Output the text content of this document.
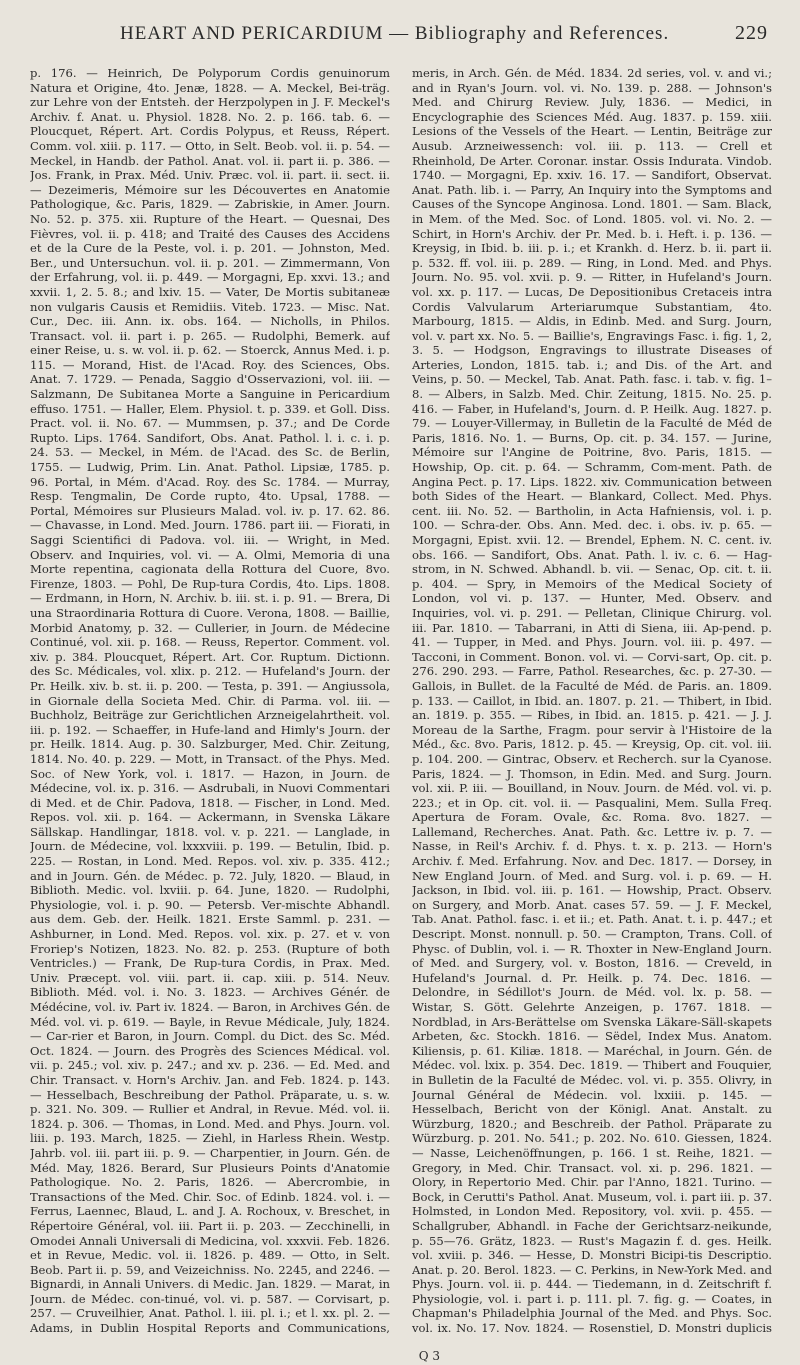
HEART AND PERICARDIUM — Bibliography and References.	229

p. 176. — Heinrich, De Polyporum Cordis genuinorum Natura et Origine, 4to. Jenæ, 1828. — A. Meckel, Bei-träg. zur Lehre von der Entsteh. der Herzpolypen in J. F. Meckel's Archiv. f. Anat. u. Physiol. 1828. No. 2. p. 166. tab. 6. — Ploucquet, Répert. Art. Cordis Polypus, et Reuss, Répert. Comm. vol. xiii. p. 117. — Otto, in Selt. Beob. vol. ii. p. 54. — Meckel, in Handb. der Pathol. Anat. vol. ii. part ii. p. 386. — Jos. Frank, in Prax. Méd. Univ. Præc. vol. ii. part. ii. sect. ii. — Dezeimeris, Mémoire sur les Découvertes en Anatomie Pathologique, &c. Paris, 1829. — Zabriskie, in Amer. Journ. No. 52. p. 375. xii. Rupture of the Heart. — Quesnai, Des Fièvres, vol. ii. p. 418; and Traité des Causes des Accidens et de la Cure de la Peste, vol. i. p. 201. — Johnston, Med. Ber., und Untersuchun. vol. ii. p. 201. — Zimmermann, Von der Erfahrung, vol. ii. p. 449. — Morgagni, Ep. xxvi. 13.; and xxvii. 1, 2. 5. 8.; and lxiv. 15. — Vater, De Mortis subitaneæ non vulgaris Causis et Remidiis. Viteb. 1723. — Misc. Nat. Cur., Dec. iii. Ann. ix. obs. 164. — Nicholls, in Philos. Transact. vol. ii. part i. p. 265. — Rudolphi, Bemerk. auf einer Reise, u. s. w. vol. ii. p. 62. — Stoerck, Annus Med. i. p. 115. — Morand, Hist. de l'Acad. Roy. des Sciences, Obs. Anat. 7. 1729. — Penada, Saggio d'Osservazioni, vol. iii. — Salzmann, De Subitanea Morte a Sanguine in Pericardium effuso. 1751. — Haller, Elem. Physiol. t. p. 339. et Goll. Diss. Pract. vol. ii. No. 67. — Mummsen, p. 37.; and De Corde Rupto. Lips. 1764. Sandifort, Obs. Anat. Pathol. l. i. c. i. p. 24. 53. — Meckel, in Mém. de l'Acad. des Sc. de Berlin, 1755. — Ludwig, Prim. Lin. Anat. Pathol. Lipsiæ, 1785. p. 96. Portal, in Mém. d'Acad. Roy. des Sc. 1784. — Murray, Resp. Tengmalin, De Corde rupto, 4to. Upsal, 1788. — Portal, Mémoires sur Plusieurs Malad. vol. iv. p. 17. 62. 86. — Chavasse, in Lond. Med. Journ. 1786. part iii. — Fiorati, in Saggi Scientifici di Padova. vol. iii. — Wright, in Med. Observ. and Inquiries, vol. vi. — A. Olmi, Memoria di una Morte repentina, cagionata della Rottura del Cuore, 8vo. Firenze, 1803. — Pohl, De Rup-tura Cordis, 4to. Lips. 1808. — Erdmann, in Horn, N. Archiv. b. iii. st. i. p. 91. — Brera, Di una Straordinaria Rottura di Cuore. Verona, 1808. — Baillie, Morbid Anatomy, p. 32. — Cullerier, in Journ. de Médecine Continué, vol. xii. p. 168. — Reuss, Repertor. Comment. vol. xiv. p. 384. Ploucquet, Répert. Art. Cor. Ruptum. Dictionn. des Sc. Médicales, vol. xlix. p. 212. — Hufeland's Journ. der Pr. Heilk. xiv. b. st. ii. p. 200. — Testa, p. 391. — Angiussola, in Giornale della Societa Med. Chir. di Parma. vol. iii. — Buchholz, Beiträge zur Gerichtlichen Arzneigelahrtheit. vol. iii. p. 192. — Schaeffer, in Hufe-land and Himly's Journ. der pr. Heilk. 1814. Aug. p. 30. Salzburger, Med. Chir. Zeitung, 1814. No. 40. p. 229. — Mott, in Transact. of the Phys. Med. Soc. of New York, vol. i. 1817. — Hazon, in Journ. de Médecine, vol. ix. p. 316. — Asdrubali, in Nuovi Commentari di Med. et de Chir. Padova, 1818. — Fischer, in Lond. Med. Repos. vol. xii. p. 164. — Ackermann, in Svenska Läkare Sällskap. Handlingar, 1818. vol. v. p. 221. — Langlade, in Journ. de Médecine, vol. lxxxviii. p. 199. — Betulin, Ibid. p. 225. — Rostan, in Lond. Med. Repos. vol. xiv. p. 335. 412.; and in Journ. Gén. de Médec. p. 72. July, 1820. — Blaud, in Biblioth. Medic. vol. lxviii. p. 64. June, 1820. — Rudolphi, Physiologie, vol. i. p. 90. — Petersb. Ver-mischte Abhandl. aus dem. Geb. der. Heilk. 1821. Erste Samml. p. 231. — Ashburner, in Lond. Med. Repos. vol. xix. p. 27. et v. von Froriep's Notizen, 1823. No. 82. p. 253. (Rupture of both Ventricles.) — Frank, De Rup-tura Cordis, in Prax. Med. Univ. Præcept. vol. viii. part. ii. cap. xiii. p. 514. Neuv. Biblioth. Méd. vol. i. No. 3. 1823. — Archives Génér. de Médécine, vol. iv. Part iv. 1824. — Baron, in Archives Gén. de Méd. vol. vi. p. 619. — Bayle, in Revue Médicale, July, 1824. — Car-rier et Baron, in Journ. Compl. du Dict. des Sc. Méd. Oct. 1824. — Journ. des Progrès des Sciences Médical. vol. vii. p. 245.; vol. xiv. p. 247.; and xv. p. 236. — Ed. Med. and Chir. Transact. v. Horn's Archiv. Jan. and Feb. 1824. p. 143. — Hesselbach, Beschreibung der Pathol. Präparate, u. s. w. p. 321. No. 309. — Rullier et Andral, in Revue. Méd. vol. ii. 1824. p. 306. — Thomas, in Lond. Med. and Phys. Journ. vol. liii. p. 193. March, 1825. — Ziehl, in Harless Rhein. Westp. Jahrb. vol. iii. part iii. p. 9. — Charpentier, in Journ. Gén. de Méd. May, 1826. Berard, Sur Plusieurs Points d'Anatomie Pathologique. No. 2. Paris, 1826. — Abercrombie, in Transactions of the Med. Chir. Soc. of Edinb. 1824. vol. i. — Ferrus, Laennec, Blaud, L. and J. A. Rochoux, v. Breschet, in Répertoire Général, vol. iii. Part ii. p. 203. — Zecchinelli, in Omodei Annali Universali di Medicina, vol. xxxvii. Feb. 1826. et in Revue, Medic. vol. ii. 1826. p. 489. — Otto, in Selt. Beob. Part ii. p. 59, and Veizeichniss. No. 2245, and 2246. — Bignardi, in Annali Univers. di Medic. Jan. 1829. — Marat, in Journ. de Médec. con-tinué, vol. vi. p. 587. — Corvisart, p. 257. — Cruveilhier, Anat. Pathol. l. iii. pl. i.; et l. xx. pl. 2. — Adams, in Dublin Hospital Reports and Communications,

meris, in Arch. Gén. de Méd. 1834. 2d series, vol. v. and vi.; and in Ryan's Journ. vol. vi. No. 139. p. 288. — Johnson's Med. and Chirurg Review. July, 1836. — Medici, in Encyclographie des Sciences Méd. Aug. 1837. p. 159. xiii. Lesions of the Vessels of the Heart. — Lentin, Beiträge zur Ausub. Arzneiwessench: vol. iii. p. 113. — Crell et Rheinhold, De Arter. Coronar. instar. Ossis Indurata. Vindob. 1740. — Morgagni, Ep. xxiv. 16. 17. — Sandifort, Observat. Anat. Path. lib. i. — Parry, An Inquiry into the Symptoms and Causes of the Syncope Anginosa. Lond. 1801. — Sam. Black, in Mem. of the Med. Soc. of Lond. 1805. vol. vi. No. 2. — Schirt, in Horn's Archiv. der Pr. Med. b. i. Heft. i. p. 136. — Kreysig, in Ibid. b. iii. p. i.; et Krankh. d. Herz. b. ii. part ii. p. 532. ff. vol. iii. p. 289. — Ring, in Lond. Med. and Phys. Journ. No. 95. vol. xvii. p. 9. — Ritter, in Hufeland's Journ. vol. xx. p. 117. — Lucas, De Depositionibus Cretaceis intra Cordis Valvularum Arteriarumque Substantiam, 4to. Marbourg, 1815. — Aldis, in Edinb. Med. and Surg. Journ, vol. v. part xx. No. 5. — Baillie's, Engravings Fasc. i. fig. 1, 2, 3. 5. — Hodgson, Engravings to illustrate Diseases of Arteries, London, 1815. tab. i.; and Dis. of the Art. and Veins, p. 50. — Meckel, Tab. Anat. Path. fasc. i. tab. v. fig. 1–8. — Albers, in Salzb. Med. Chir. Zeitung, 1815. No. 25. p. 416. — Faber, in Hufeland's, Journ. d. P. Heilk. Aug. 1827. p. 79. — Louyer-Villermay, in Bulletin de la Faculté de Méd de Paris, 1816. No. 1. — Burns, Op. cit. p. 34. 157. — Jurine, Mémoire sur l'Angine de Poitrine, 8vo. Paris, 1815. — Howship, Op. cit. p. 64. — Schramm, Com-ment. Path. de Angina Pect. p. 17. Lips. 1822. xiv. Communication between both Sides of the Heart. — Blankard, Collect. Med. Phys. cent. iii. No. 52. — Bartholin, in Acta Hafniensis, vol. i. p. 100. — Schra-der. Obs. Ann. Med. dec. i. obs. iv. p. 65. — Morgagni, Epist. xvii. 12. — Brendel, Ephem. N. C. cent. iv. obs. 166. — Sandifort, Obs. Anat. Path. l. iv. c. 6. — Hag-strom, in N. Schwed. Abhandl. b. vii. — Senac, Op. cit. t. ii. p. 404. — Spry, in Memoirs of the Medical Society of London, vol vi. p. 137. — Hunter, Med. Observ. and Inquiries, vol. vi. p. 291. — Pelletan, Clinique Chirurg. vol. iii. Par. 1810. — Tabarrani, in Atti di Siena, iii. Ap-pend. p. 41. — Tupper, in Med. and Phys. Journ. vol. iii. p. 497. — Tacconi, in Comment. Bonon. vol. vi. — Corvi-sart, Op. cit. p. 276. 290. 293. — Farre, Pathol. Researches, &c. p. 27-30. — Gallois, in Bullet. de la Faculté de Méd. de Paris. an. 1809. p. 133. — Caillot, in Ibid. an. 1807. p. 21. — Thibert, in Ibid. an. 1819. p. 355. — Ribes, in Ibid. an. 1815. p. 421. — J. J. Moreau de la Sarthe, Fragm. pour servir à l'Histoire de la Méd., &c. 8vo. Paris, 1812. p. 45. — Kreysig, Op. cit. vol. iii. p. 104. 200. — Gintrac, Observ. et Recherch. sur la Cyanose. Paris, 1824. — J. Thomson, in Edin. Med. and Surg. Journ. vol. xii. P. iii. — Bouilland, in Nouv. Journ. de Méd. vol. vi. p. 223.; et in Op. cit. vol. ii. — Pasqualini, Mem. Sulla Freq. Apertura de Foram. Ovale, &c. Roma. 8vo. 1827. — Lallemand, Recherches. Anat. Path. &c. Lettre iv. p. 7. — Nasse, in Reil's Archiv. f. d. Phys. t. x. p. 213. — Horn's Archiv. f. Med. Erfahrung. Nov. and Dec. 1817. — Dorsey, in New England Journ. of Med. and Surg. vol. i. p. 69. — H. Jackson, in Ibid. vol. iii. p. 161. — Howship, Pract. Observ. on Surgery, and Morb. Anat. cases 57. 59. — J. F. Meckel, Tab. Anat. Pathol. fasc. i. et ii.; et. Path. Anat. t. i. p. 447.; et Descript. Monst. nonnull. p. 50. — Crampton, Trans. Coll. of Physc. of Dublin, vol. i. — R. Thoxter in New-England Journ. of Med. and Surgery, vol. v. Boston, 1816. — Creveld, in Hufeland's Journal. d. Pr. Heilk. p. 74. Dec. 1816. — Delondre, in Sédillot's Journ. de Méd. vol. lx. p. 58. — Wistar, S. Gött. Gelehrte Anzeigen, p. 1767. 1818. — Nordblad, in Ars-Berättelse om Svenska Läkare-Säll-skapets Arbeten, &c. Stockh. 1816. — Sëdel, Index Mus. Anatom. Kiliensis, p. 61. Kiliæ. 1818. — Maréchal, in Journ. Gén. de Médec. vol. lxix. p. 354. Dec. 1819. — Thibert and Fouquier, in Bulletin de la Faculté de Médec. vol. vi. p. 355. Olivry, in Journal Général de Médecin. vol. lxxiii. p. 145. — Hesselbach, Bericht von der Königl. Anat. Anstalt. zu Würzburg, 1820.; and Beschreib. der Pathol. Präparate zu Würzburg. p. 201. No. 541.; p. 202. No. 610. Giessen, 1824. — Nasse, Leichenöffnungen, p. 166. 1 st. Reihe, 1821. — Gregory, in Med. Chir. Transact. vol. xi. p. 296. 1821. — Olory, in Repertorio Med. Chir. par l'Anno, 1821. Turino. — Bock, in Cerutti's Pathol. Anat. Museum, vol. i. part iii. p. 37. Holmsted, in London Med. Repository, vol. xvii. p. 455. — Schallgruber, Abhandl. in Fache der Gerichtsarz-neikunde, p. 55—76. Grätz, 1823. — Rust's Magazin f. d. ges. Heilk. vol. xviii. p. 346. — Hesse, D. Monstri Bicipi-tis Descriptio. Anat. p. 20. Berol. 1823. — C. Perkins, in New-York Med. and Phys. Journ. vol. ii. p. 444. — Tiedemann, in d. Zeitschrift f. Physiologie, vol. i. part i. p. 111. pl. 7. fig. g. — Coates, in Chapman's Philadelphia Journal of the Med. and Phys. Soc. vol. ix. No. 17. Nov. 1824. — Rosenstiel, D. Monstri duplicis

Q 3
